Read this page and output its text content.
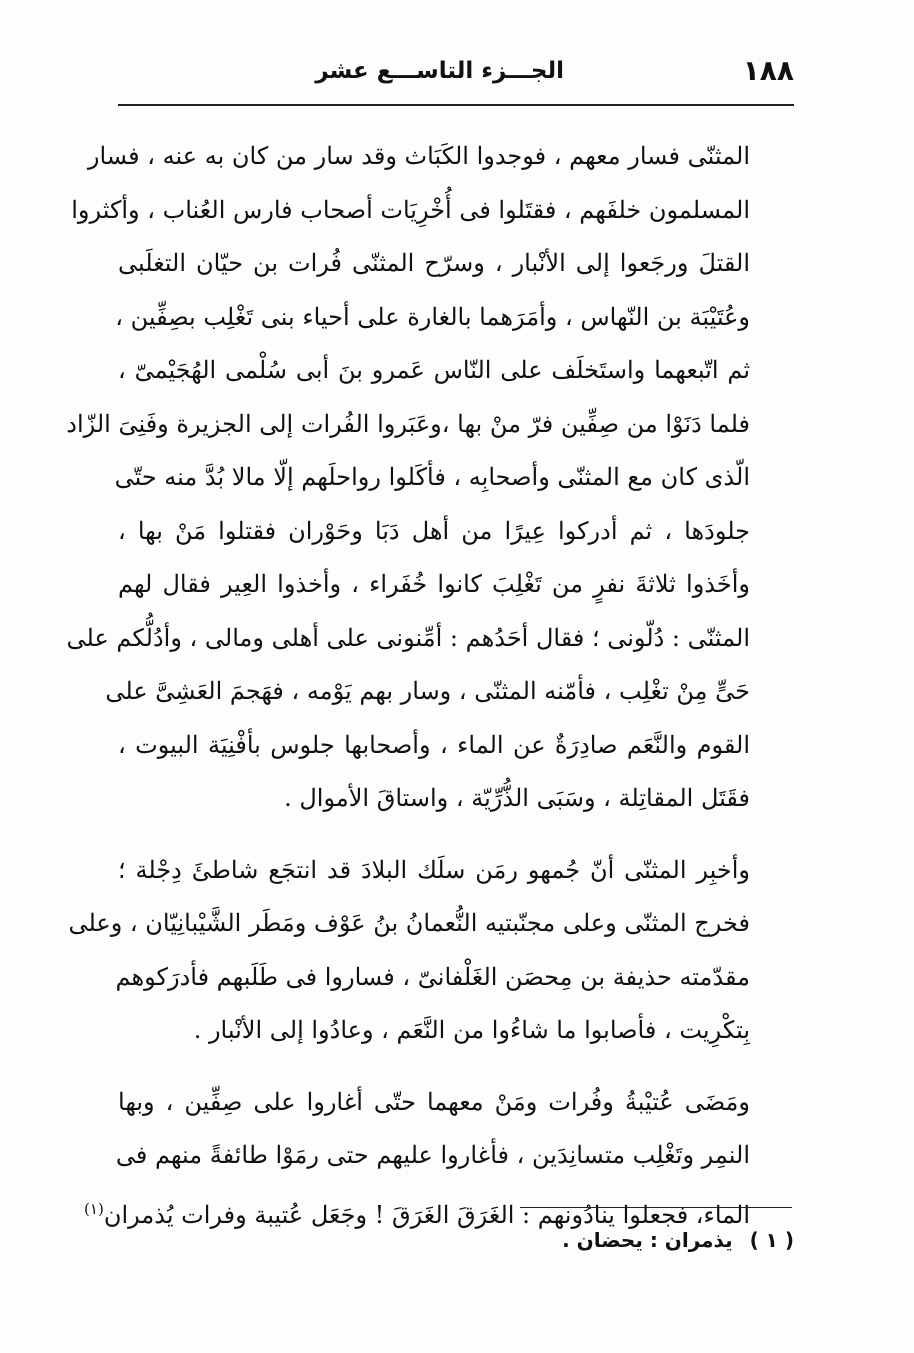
١٨٨
الجـــزء التاســـع عشر

المثنّى فسار معهم ، فوجدوا الكَبَاث وقد سار من كان به عنه ، فسار
المسلمون خلفَهم ، فقتَلوا فى أُخْرِيَات أصحاب فارس العُناب ، وأكثروا
القتلَ ورجَعوا إلى الأنْبار ، وسرّح المثنّى فُرات بن حيّان التغلَبى
وعُتَيْبَة بن النّهاس ، وأمَرَهما بالغارة على أحياء بنى تَغْلِب بصِفِّين ،
ثم اتّبعهما واستَخلَف على النّاس عَمرو بنَ أبى سُلْمى الهُجَيْمىّ ،
فلما دَنَوْا من صِفِّين فرّ منْ بها ،وعَبَروا الفُرات إلى الجزيرة وفَنِىَ الزّاد
الّذى كان مع المثنّى وأصحابِه ، فأكَلوا رواحلَهم إلّا مالا بُدَّ منه حتّى
جلودَها ، ثم أدركوا عِيرًا من أهل دَبَا وحَوْران فقتلوا مَنْ بها ،
وأخَذوا ثلاثةَ نفرٍ من تَغْلِبَ كانوا خُفَراء ، وأخذوا العِير فقال لهم
المثنّى : دُلّونى ؛ فقال أحَدُهم : أمِّنونى على أهلى ومالى ، وأدُلُّكم على
حَىٍّ مِنْ تغْلِب ، فأمّنه المثنّى ، وسار بهم يَوْمه ، فهَجمَ العَشِىَّ على
القوم والنَّعَم صادِرَةٌ عن الماء ، وأصحابها جلوس بأفْنِيَة البيوت ،
فقَتَل المقاتِلة ، وسَبَى الذُّرِّيّة ، واستاقَ الأموال .

وأخبِر المثنّى أنّ جُمهو رمَن سلَك البلادَ قد انتجَع شاطئَ دِجْلة ؛
فخرج المثنّى وعلى مجنّبتيه النُّعمانُ بنُ عَوْف ومَطَر الشَّيْبانِيّان ، وعلى
مقدّمته حذيفة بن مِحصَن الغَلْفانىّ ، فساروا فى طَلَبهم فأدرَكوهم
بِتكْرِيت ، فأصابوا ما شاءُوا من النَّعَم ، وعادُوا إلى الأنْبار .

ومَضَى عُتيْبةُ وفُرات ومَنْ معهما حتّى أغاروا على صِفِّين ، وبها
النمِر وتَغْلِب متسانِدَين ، فأغاروا عليهم حتى رمَوْا طائفةً منهم فى
الماء، فجعلوا ينادُونهم : الغَرَقَ الغَرَقَ ! وجَعَل عُتيبة وفرات يُذمران$^{(١)}$

( ١ ) يذمران : يحضان .
